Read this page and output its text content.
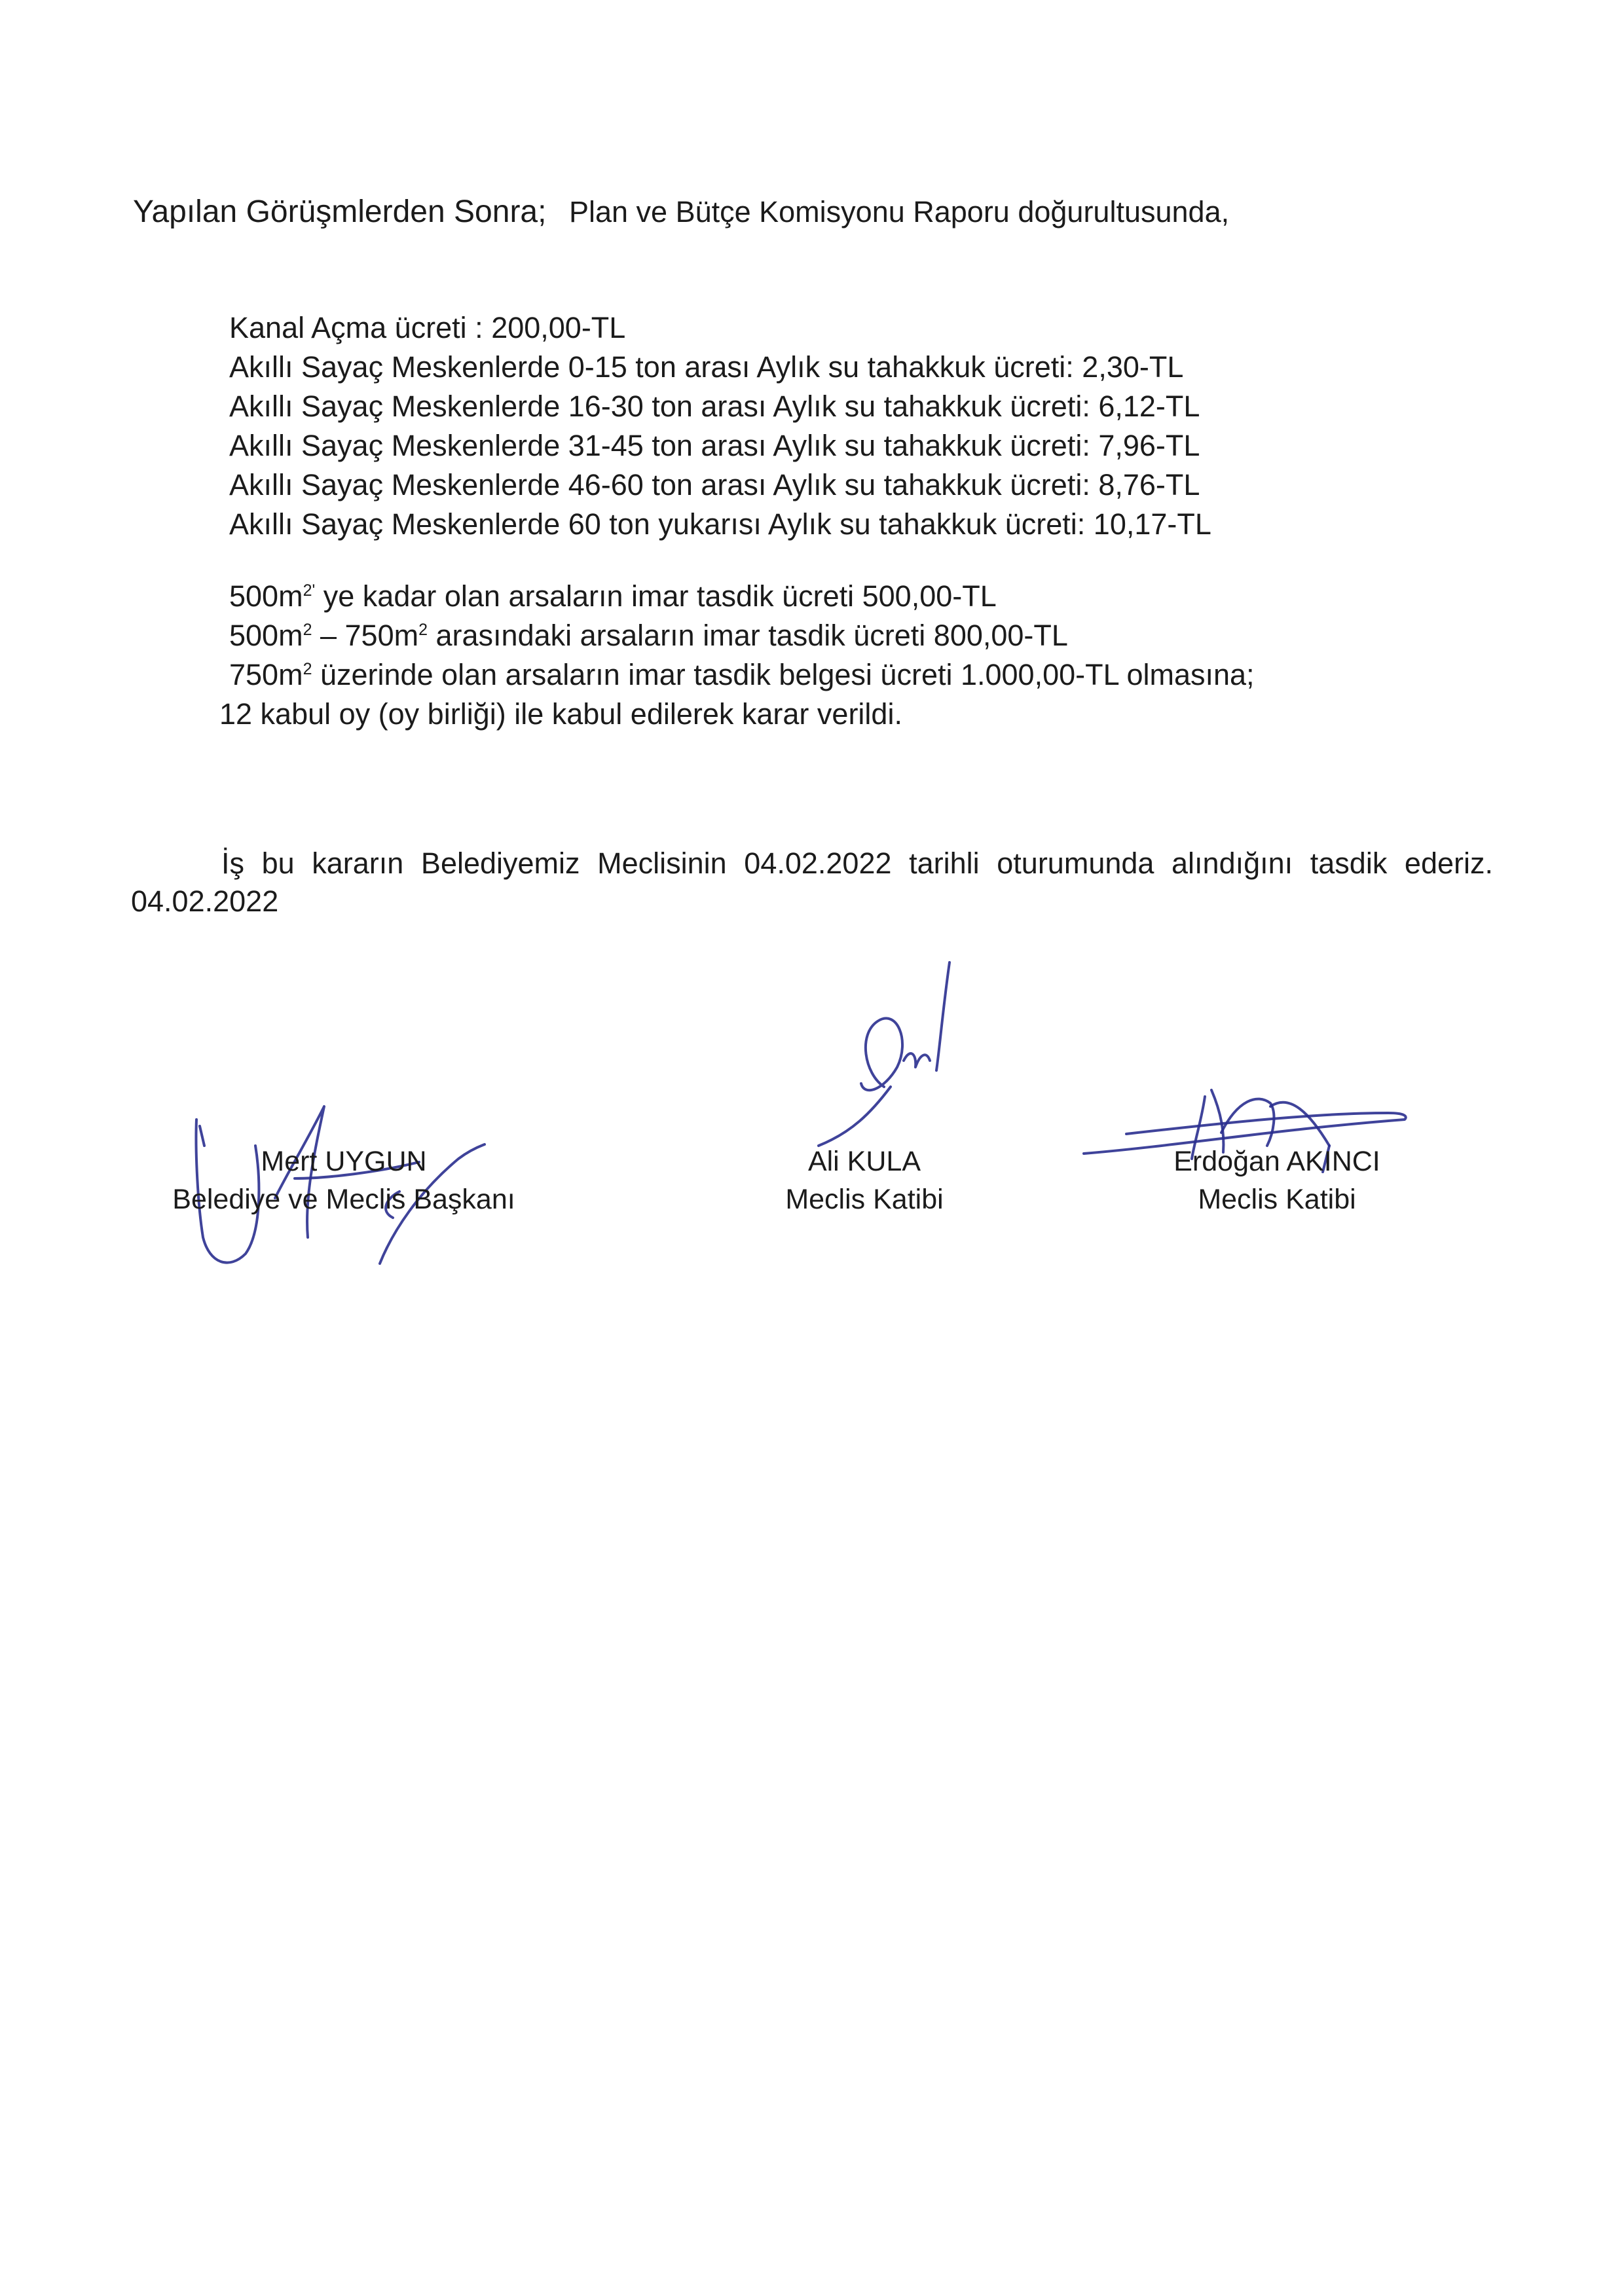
Yapılan Görüşmlerden Sonra; Plan ve Bütçe Komisyonu Raporu doğurultusunda,
Kanal Açma ücreti : 200,00-TL
Akıllı Sayaç Meskenlerde 0-15 ton arası Aylık su tahakkuk ücreti: 2,30-TL
Akıllı Sayaç Meskenlerde 16-30 ton arası Aylık su tahakkuk ücreti: 6,12-TL
Akıllı Sayaç Meskenlerde 31-45 ton arası Aylık su tahakkuk ücreti: 7,96-TL
Akıllı Sayaç Meskenlerde 46-60 ton arası Aylık su tahakkuk ücreti: 8,76-TL
Akıllı Sayaç Meskenlerde 60 ton yukarısı Aylık su tahakkuk ücreti: 10,17-TL
$500m^{2'}$ ye kadar olan arsaların imar tasdik ücreti 500,00-TL
$500m^2 - 750m^2$ arasındaki arsaların imar tasdik ücreti 800,00-TL
$750m^2$ üzerinde olan arsaların imar tasdik belgesi ücreti 1.000,00-TL olmasına;
12 kabul oy (oy birliği) ile kabul edilerek karar verildi.
İş bu kararın Belediyemiz Meclisinin 04.02.2022 tarihli oturumunda alındığını tasdik ederiz. 04.02.2022
Mert UYGUN
Belediye ve Meclis Başkanı
Ali KULA
Meclis Katibi
Erdoğan AKINCI
Meclis Katibi
